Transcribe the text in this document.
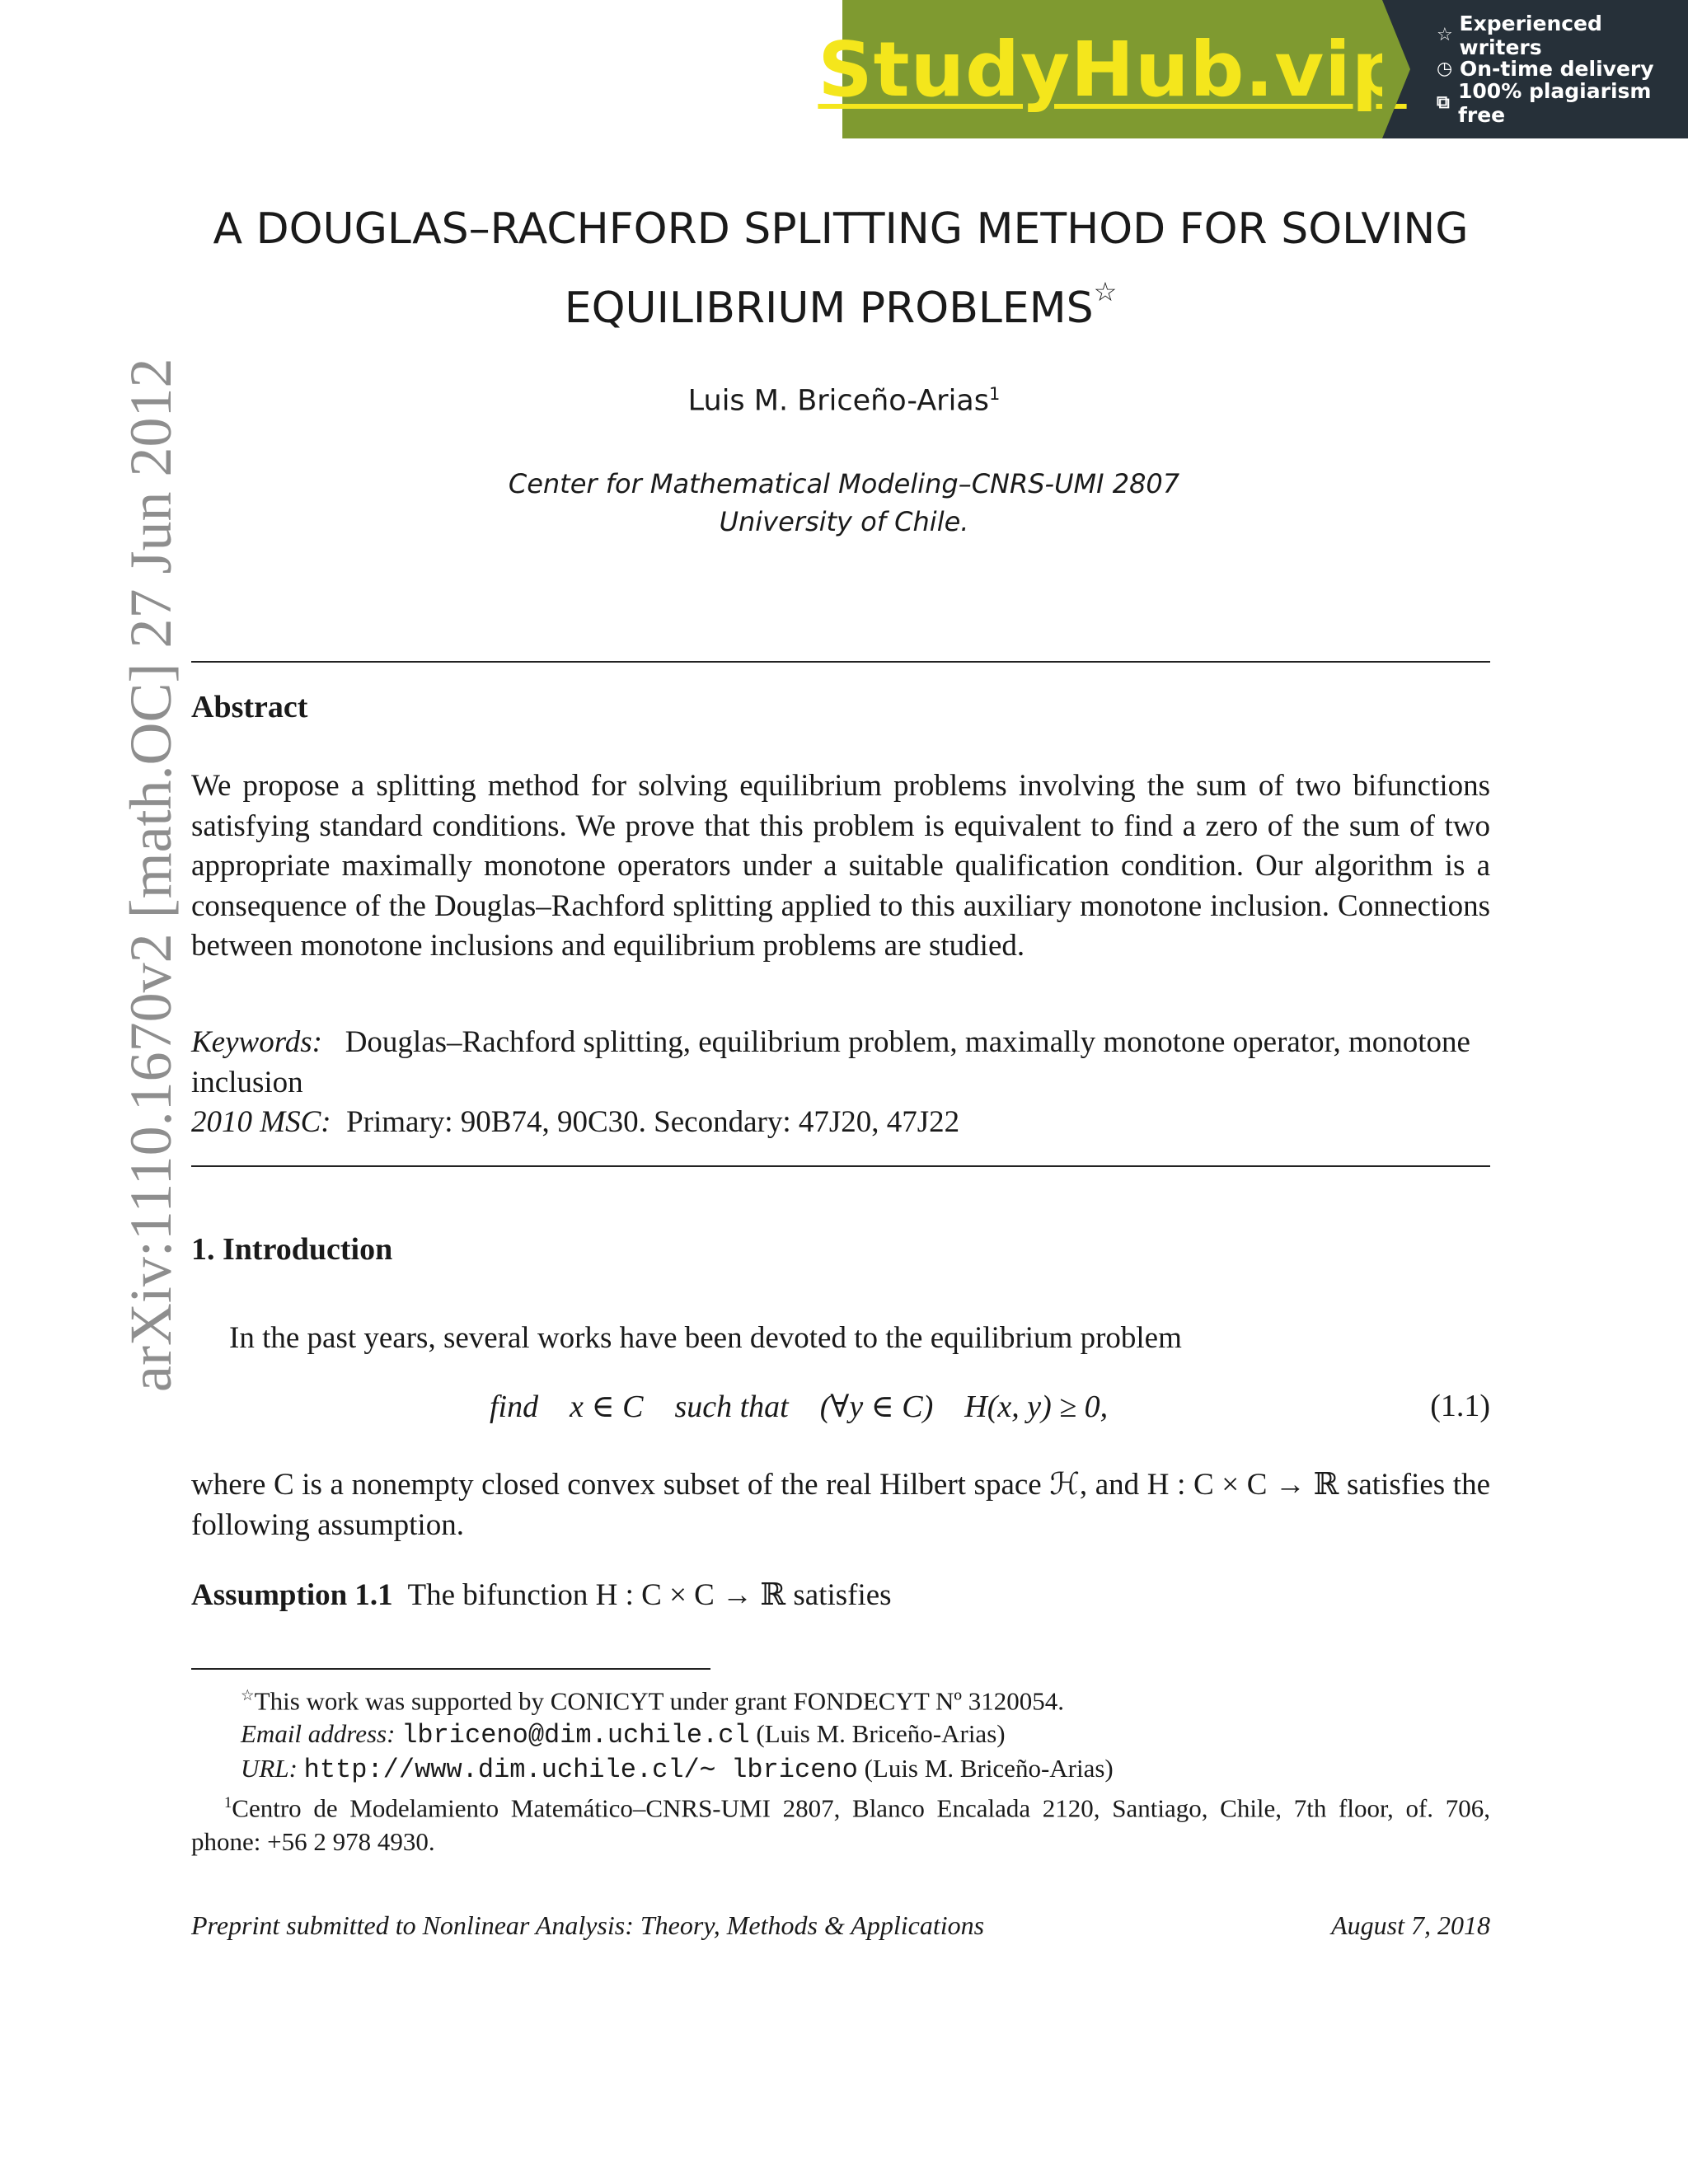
StudyHub.vip ☆ Experienced writers
◷ On-time delivery
⧉ 100% plagiarism free
arXiv:1110.1670v2 [math.OC] 27 Jun 2012
A DOUGLAS–RACHFORD SPLITTING METHOD FOR SOLVING
EQUILIBRIUM PROBLEMS☆
Luis M. Briceño-Arias$^1$
Center for Mathematical Modeling–CNRS-UMI 2807
University of Chile.
Abstract
We propose a splitting method for solving equilibrium problems involving the sum of two bifunctions satisfying standard conditions. We prove that this problem is equivalent to find a zero of the sum of two appropriate maximally monotone operators under a suitable qualification condition. Our algorithm is a consequence of the Douglas–Rachford splitting applied to this auxiliary monotone inclusion. Connections between monotone inclusions and equilibrium problems are studied.
Keywords: Douglas–Rachford splitting, equilibrium problem, maximally monotone operator, monotone inclusion
2010 MSC: Primary: 90B74, 90C30. Secondary: 47J20, 47J22
1. Introduction
In the past years, several works have been devoted to the equilibrium problem
find    x ∈ C    such that    (∀y ∈ C)    H(x, y) ≥ 0,	(1.1)
where C is a nonempty closed convex subset of the real Hilbert space ℋ, and H : C × C → ℝ satisfies the following assumption.
Assumption 1.1 The bifunction H : C × C → ℝ satisfies
☆This work was supported by CONICYT under grant FONDECYT Nº 3120054.
Email address: lbriceno@dim.uchile.cl (Luis M. Briceño-Arias)
URL: http://www.dim.uchile.cl/∼ lbriceno (Luis M. Briceño-Arias)
$^1$Centro de Modelamiento Matemático–CNRS-UMI 2807, Blanco Encalada 2120, Santiago, Chile, 7th floor, of. 706, phone: +56 2 978 4930.
Preprint submitted to Nonlinear Analysis: Theory, Methods & Applications	August 7, 2018
